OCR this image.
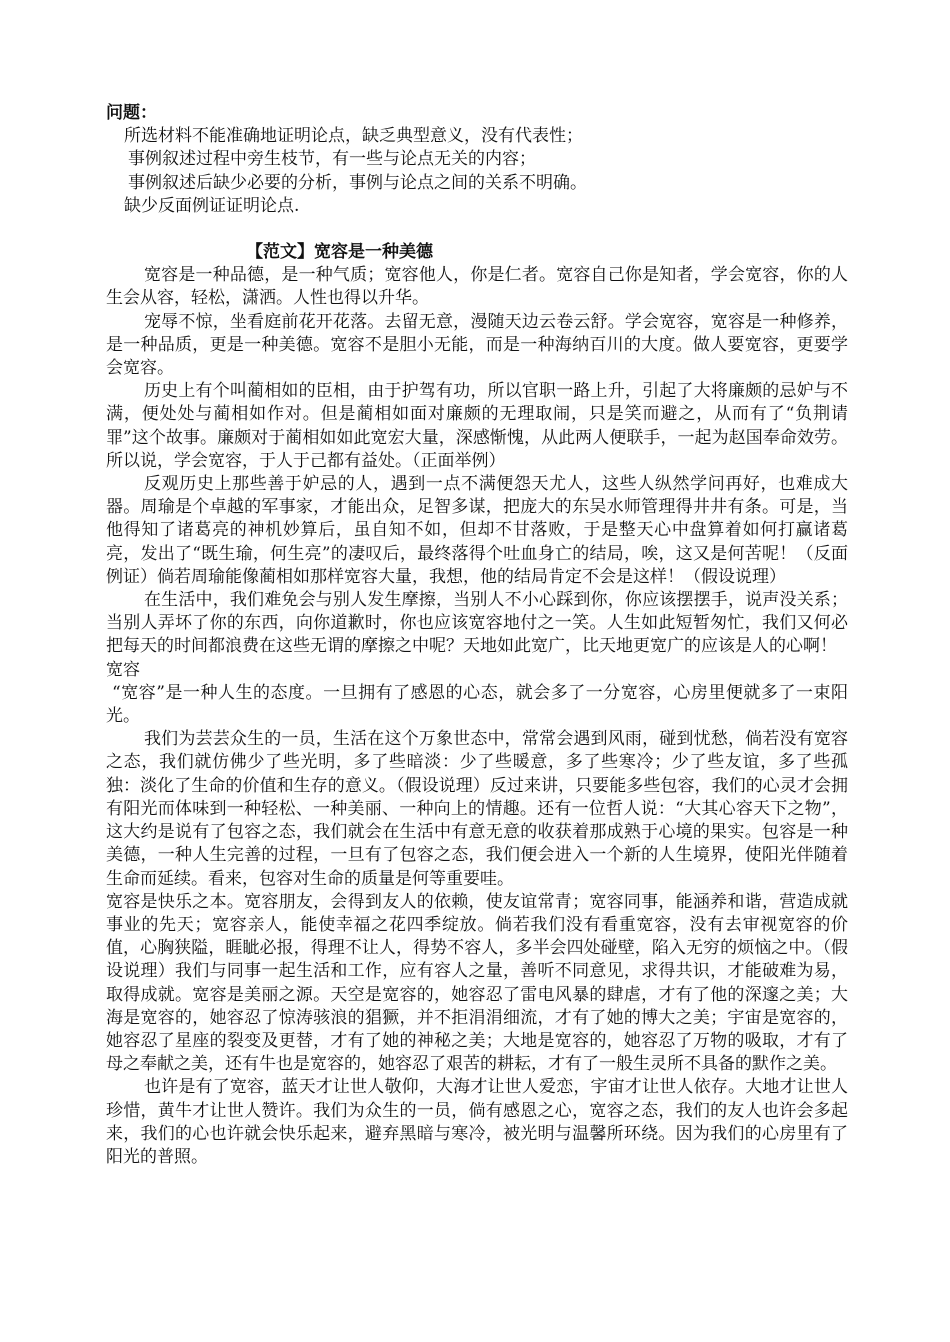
问题：

所选材料不能准确地证明论点，缺乏典型意义，没有代表性；

事例叙述过程中旁生枝节，有一些与论点无关的内容；

事例叙述后缺少必要的分析，事例与论点之间的关系不明确。

缺少反面例证证明论点.

【范文】宽容是一种美德

宽容是一种品德，是一种气质；宽容他人，你是仁者。宽容自己你是知者，学会宽容，你的人生会从容，轻松，潇洒。人性也得以升华。

宠辱不惊，坐看庭前花开花落。去留无意，漫随天边云卷云舒。学会宽容，宽容是一种修养，是一种品质，更是一种美德。宽容不是胆小无能，而是一种海纳百川的大度。做人要宽容，更要学会宽容。

历史上有个叫蔺相如的臣相，由于护驾有功，所以官职一路上升，引起了大将廉颇的忌妒与不满，便处处与蔺相如作对。但是蔺相如面对廉颇的无理取闹，只是笑而避之，从而有了“负荆请罪”这个故事。廉颇对于蔺相如如此宽宏大量，深感惭愧，从此两人便联手，一起为赵国奉命效劳。所以说，学会宽容，于人于己都有益处。（正面举例）

反观历史上那些善于妒忌的人，遇到一点不满便怨天尤人，这些人纵然学问再好，也难成大器。周瑜是个卓越的军事家，才能出众，足智多谋，把庞大的东吴水师管理得井井有条。可是，当他得知了诸葛亮的神机妙算后，虽自知不如，但却不甘落败，于是整天心中盘算着如何打赢诸葛亮，发出了“既生瑜，何生亮”的凄叹后，最终落得个吐血身亡的结局，唉，这又是何苦呢！（反面例证）倘若周瑜能像蔺相如那样宽容大量，我想，他的结局肯定不会是这样！（假设说理）

在生活中，我们难免会与别人发生摩擦，当别人不小心踩到你，你应该摆摆手，说声没关系；当别人弄坏了你的东西，向你道歉时，你也应该宽容地付之一笑。人生如此短暂匆忙，我们又何必把每天的时间都浪费在这些无谓的摩擦之中呢？天地如此宽广，比天地更宽广的应该是人的心啊！

宽容

“宽容”是一种人生的态度。一旦拥有了感恩的心态，就会多了一分宽容，心房里便就多了一束阳光。

我们为芸芸众生的一员，生活在这个万象世态中，常常会遇到风雨，碰到忧愁，倘若没有宽容之态，我们就仿佛少了些光明，多了些暗淡：少了些暖意，多了些寒冷；少了些友谊，多了些孤独：淡化了生命的价值和生存的意义。（假设说理）反过来讲，只要能多些包容，我们的心灵才会拥有阳光而体味到一种轻松、一种美丽、一种向上的情趣。还有一位哲人说：“大其心容天下之物”，这大约是说有了包容之态，我们就会在生活中有意无意的收获着那成熟于心境的果实。包容是一种美德，一种人生完善的过程，一旦有了包容之态，我们便会进入一个新的人生境界，使阳光伴随着生命而延续。看来，包容对生命的质量是何等重要哇。

宽容是快乐之本。宽容朋友，会得到友人的依赖，使友谊常青；宽容同事，能涵养和谐，营造成就事业的先天；宽容亲人，能使幸福之花四季绽放。倘若我们没有看重宽容，没有去审视宽容的价值，心胸狭隘，睚眦必报，得理不让人，得势不容人，多半会四处碰壁，陷入无穷的烦恼之中。（假设说理）我们与同事一起生活和工作，应有容人之量，善听不同意见，求得共识，才能破难为易，取得成就。宽容是美丽之源。天空是宽容的，她容忍了雷电风暴的肆虐，才有了他的深邃之美；大海是宽容的，她容忍了惊涛骇浪的猖獗，并不拒涓涓细流，才有了她的博大之美；宇宙是宽容的，她容忍了星座的裂变及更替，才有了她的神秘之美；大地是宽容的，她容忍了万物的吸取，才有了母之奉献之美，还有牛也是宽容的，她容忍了艰苦的耕耘，才有了一般生灵所不具备的默作之美。

也许是有了宽容，蓝天才让世人敬仰，大海才让世人爱恋，宇宙才让世人依存。大地才让世人珍惜，黄牛才让世人赞许。我们为众生的一员，倘有感恩之心，宽容之态，我们的友人也许会多起来，我们的心也许就会快乐起来，避弃黑暗与寒冷，被光明与温馨所环绕。因为我们的心房里有了阳光的普照。
